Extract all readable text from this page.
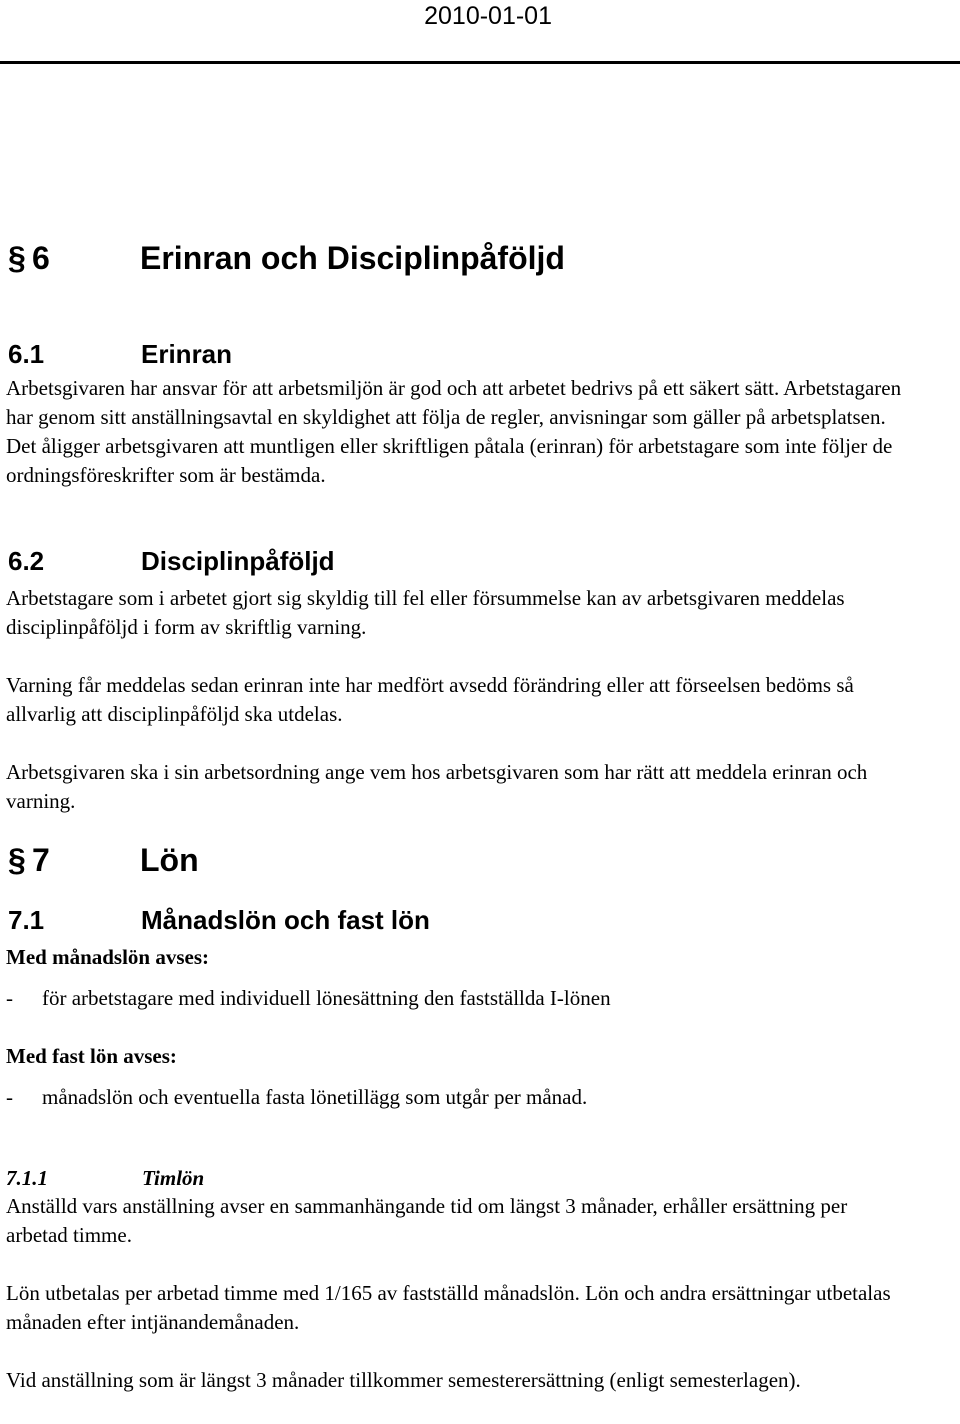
2010-01-01
§ 6	Erinran och Disciplinpåföljd
6.1	Erinran

Arbetsgivaren har ansvar för att arbetsmiljön är god och att arbetet bedrivs på ett säkert sätt. Arbetstagaren har genom sitt anställningsavtal en skyldighet att följa de regler, anvisningar som gäller på arbetsplatsen. Det åligger arbetsgivaren att muntligen eller skriftligen påtala (erinran) för arbetstagare som inte följer de ordningsföreskrifter som är bestämda.

6.2	Disciplinpåföljd

Arbetstagare som i arbetet gjort sig skyldig till fel eller försummelse kan av arbetsgivaren meddelas disciplinpåföljd i form av skriftlig varning.

Varning får meddelas sedan erinran inte har medfört avsedd förändring eller att förseelsen bedöms så allvarlig att disciplinpåföljd ska utdelas.

Arbetsgivaren ska i sin arbetsordning ange vem hos arbetsgivaren som har rätt att meddela erinran och varning.

§ 7	Lön
7.1	Månadslön och fast lön
Med månadslön avses:
- för arbetstagare med individuell lönesättning den fastställda I-lönen
Med fast lön avses:
- månadslön och eventuella fasta lönetillägg som utgår per månad.
7.1.1	Timlön

Anställd vars anställning avser en sammanhängande tid om längst 3 månader, erhåller ersättning per arbetad timme.

Lön utbetalas per arbetad timme med 1/165 av fastställd månadslön. Lön och andra ersättningar utbetalas månaden efter intjänandemånaden.

Vid anställning som är längst 3 månader tillkommer semesterersättning (enligt semesterlagen).
